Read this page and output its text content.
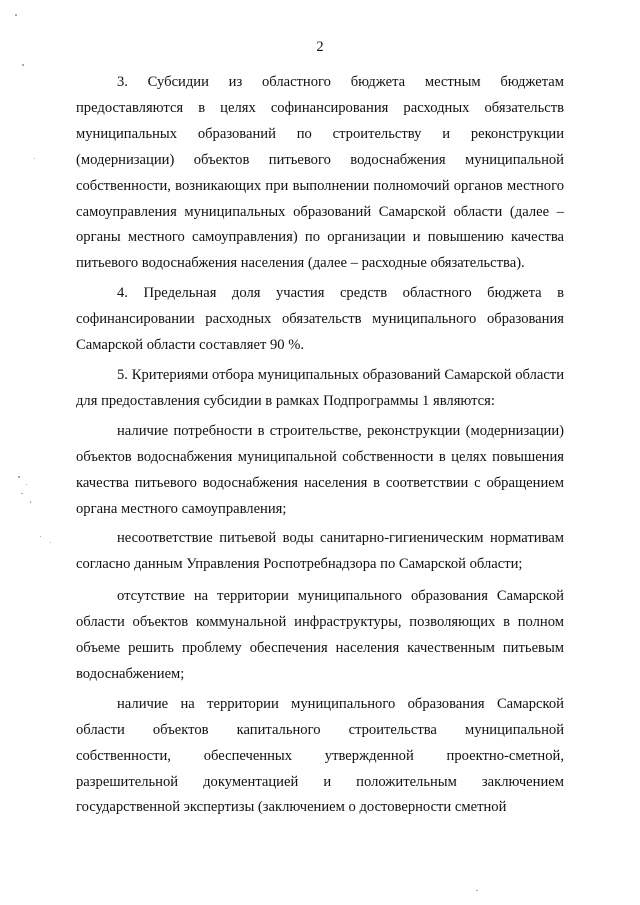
2

3. Субсидии из областного бюджета местным бюджетам предоставляются в целях софинансирования расходных обязательств муниципальных образований по строительству и реконструкции (модернизации) объектов питьевого водоснабжения муниципальной собственности, возникающих при выполнении полномочий органов местного самоуправления муниципальных образований Самарской области (далее – органы местного самоуправления) по организации и повышению качества питьевого водоснабжения населения (далее – расходные обязательства).

4. Предельная доля участия средств областного бюджета в софинансировании расходных обязательств муниципального образования Самарской области составляет 90 %.

5. Критериями отбора муниципальных образований Самарской области для предоставления субсидии в рамках Подпрограммы 1 являются:

наличие потребности в строительстве, реконструкции (модернизации) объектов водоснабжения муниципальной собственности в целях повышения качества питьевого водоснабжения населения в соответствии с обращением органа местного самоуправления;

несоответствие питьевой воды санитарно-гигиеническим нормативам согласно данным Управления Роспотребнадзора по Самарской области;

отсутствие на территории муниципального образования Самарской области объектов коммунальной инфраструктуры, позволяющих в полном объеме решить проблему обеспечения населения качественным питьевым водоснабжением;

наличие на территории муниципального образования Самарской области объектов капитального строительства муниципальной собственности, обеспеченных утвержденной проектно-сметной, разрешительной документацией и положительным заключением государственной экспертизы (заключением о достоверности сметной
